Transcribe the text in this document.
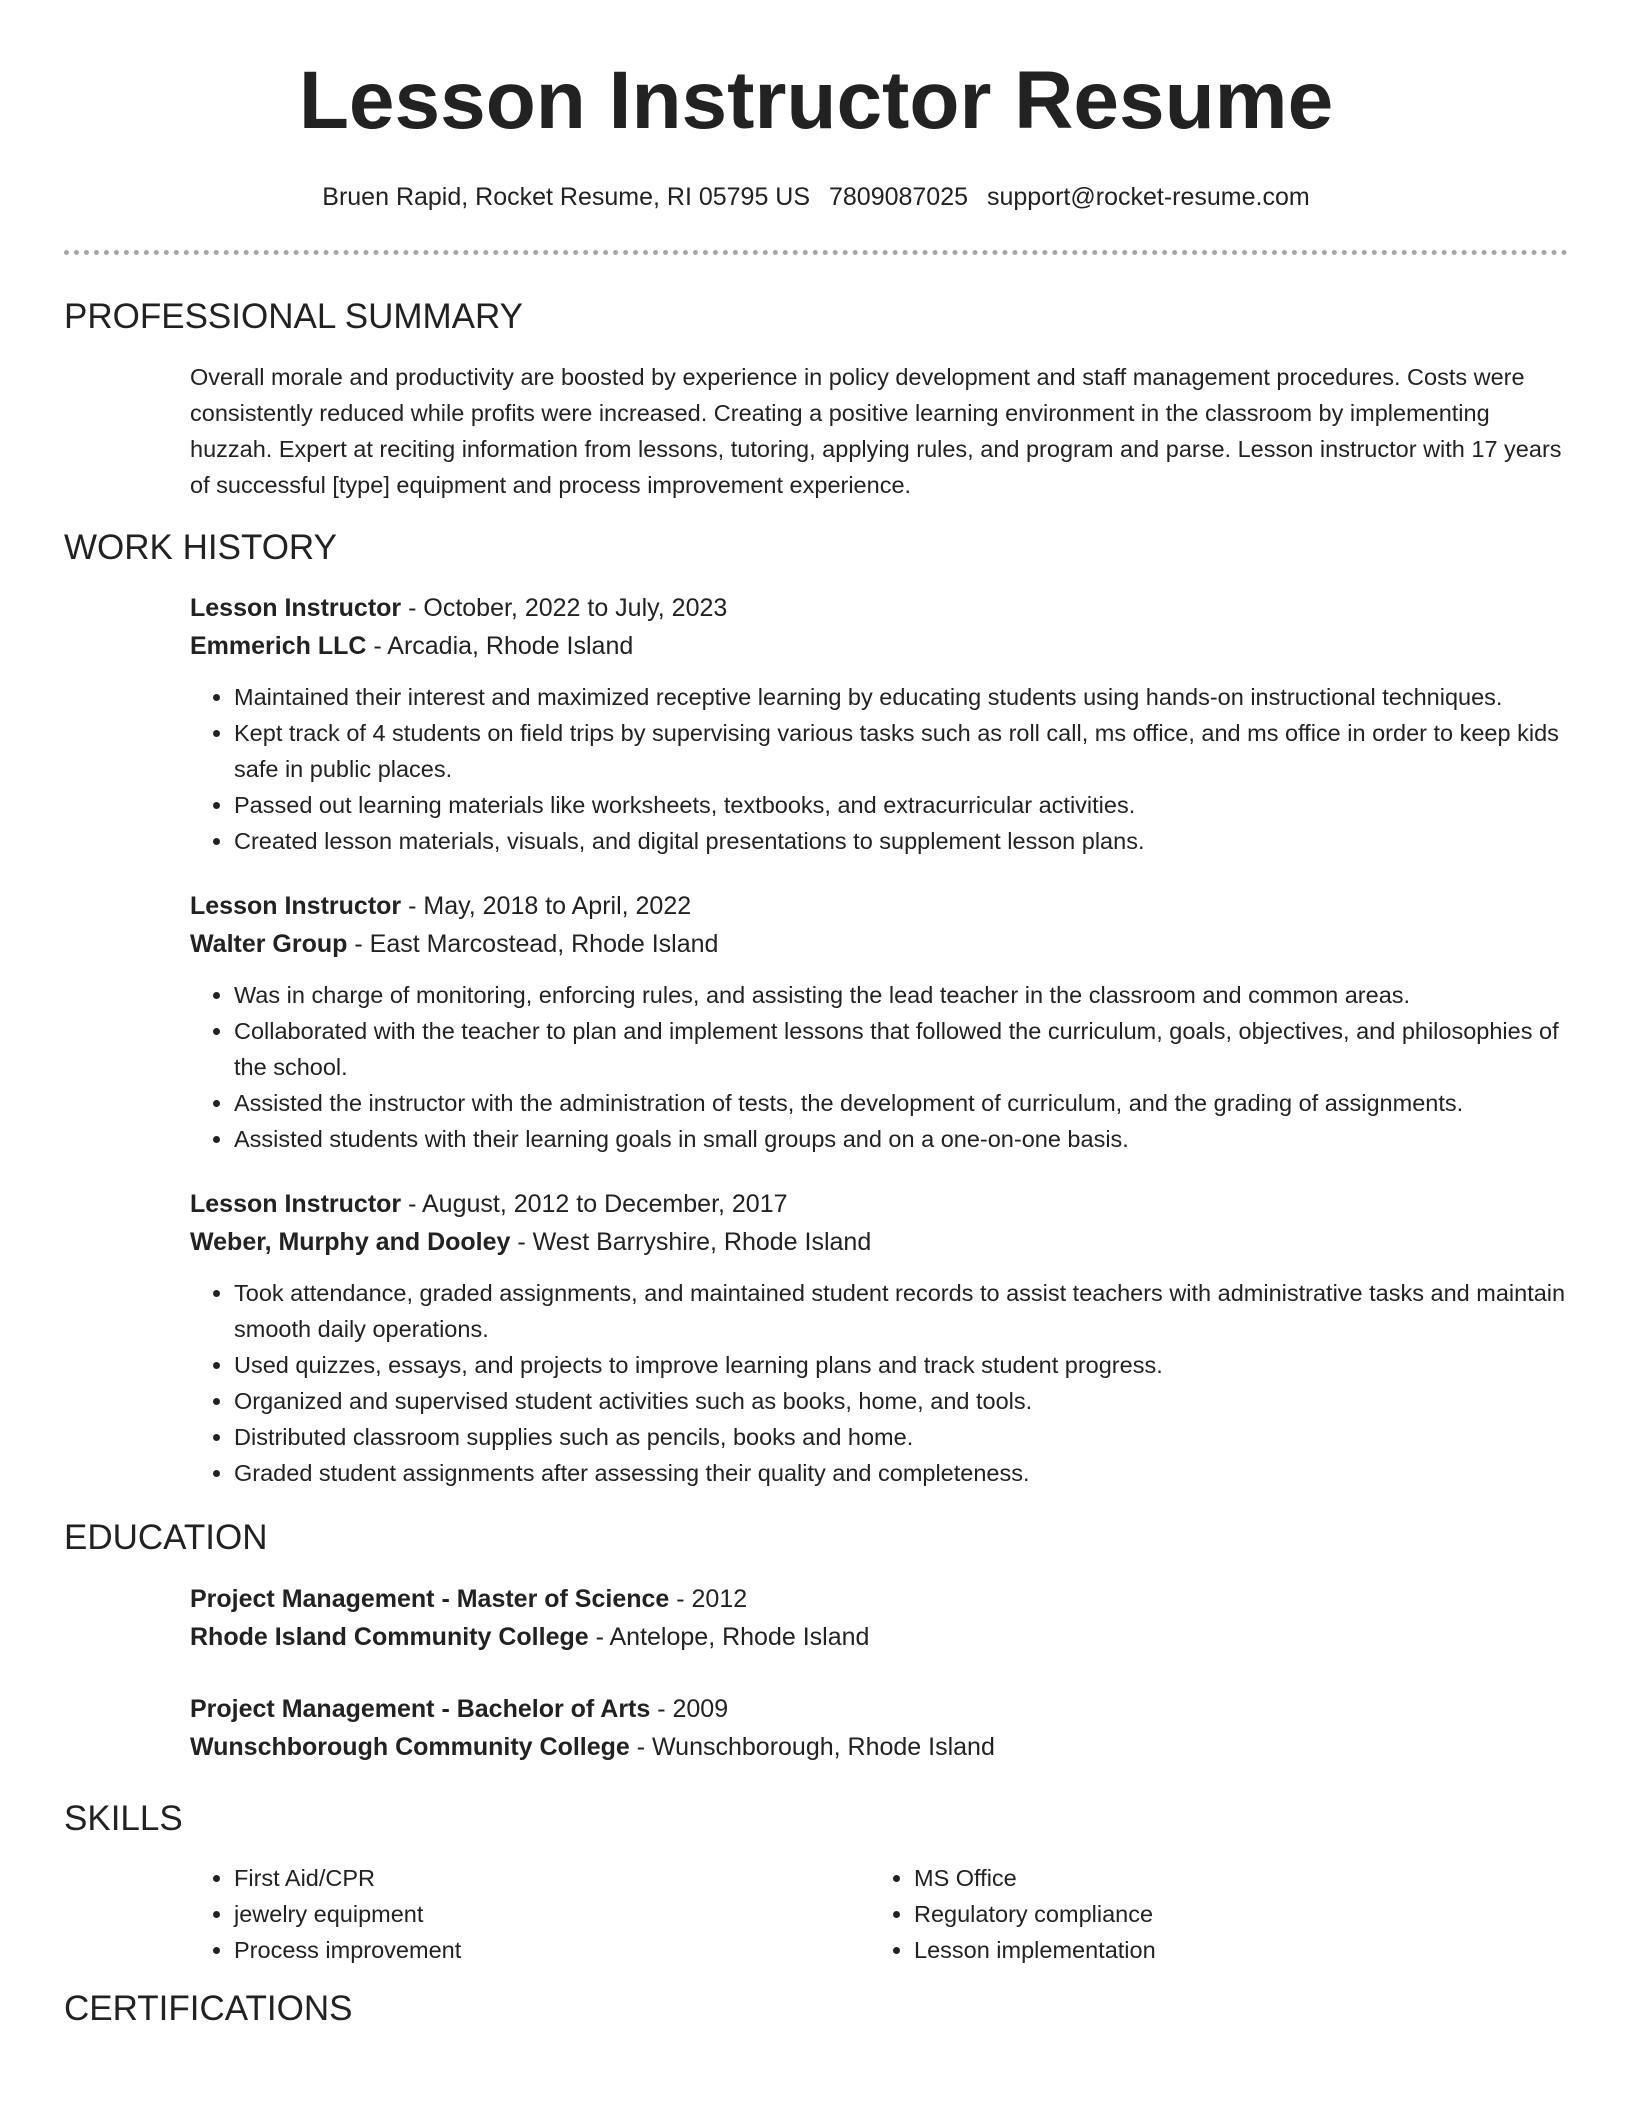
Lesson Instructor Resume
Bruen Rapid, Rocket Resume, RI 05795 US 7809087025 support@rocket-resume.com
PROFESSIONAL SUMMARY

Overall morale and productivity are boosted by experience in policy development and staff management procedures. Costs were consistently reduced while profits were increased. Creating a positive learning environment in the classroom by implementing huzzah. Expert at reciting information from lessons, tutoring, applying rules, and program and parse. Lesson instructor with 17 years of successful [type] equipment and process improvement experience.

WORK HISTORY
Lesson Instructor - October, 2022 to July, 2023
Emmerich LLC - Arcadia, Rhode Island
• Maintained their interest and maximized receptive learning by educating students using hands-on instructional techniques.
• Kept track of 4 students on field trips by supervising various tasks such as roll call, ms office, and ms office in order to keep kids safe in public places.
• Passed out learning materials like worksheets, textbooks, and extracurricular activities.
• Created lesson materials, visuals, and digital presentations to supplement lesson plans.
Lesson Instructor - May, 2018 to April, 2022
Walter Group - East Marcostead, Rhode Island
• Was in charge of monitoring, enforcing rules, and assisting the lead teacher in the classroom and common areas.
• Collaborated with the teacher to plan and implement lessons that followed the curriculum, goals, objectives, and philosophies of the school.
• Assisted the instructor with the administration of tests, the development of curriculum, and the grading of assignments.
• Assisted students with their learning goals in small groups and on a one-on-one basis.
Lesson Instructor - August, 2012 to December, 2017
Weber, Murphy and Dooley - West Barryshire, Rhode Island
• Took attendance, graded assignments, and maintained student records to assist teachers with administrative tasks and maintain smooth daily operations.
• Used quizzes, essays, and projects to improve learning plans and track student progress.
• Organized and supervised student activities such as books, home, and tools.
• Distributed classroom supplies such as pencils, books and home.
• Graded student assignments after assessing their quality and completeness.
EDUCATION
Project Management - Master of Science - 2012
Rhode Island Community College - Antelope, Rhode Island
Project Management - Bachelor of Arts - 2009
Wunschborough Community College - Wunschborough, Rhode Island
SKILLS
• First Aid/CPR
• jewelry equipment
• Process improvement
• MS Office
• Regulatory compliance
• Lesson implementation
CERTIFICATIONS
